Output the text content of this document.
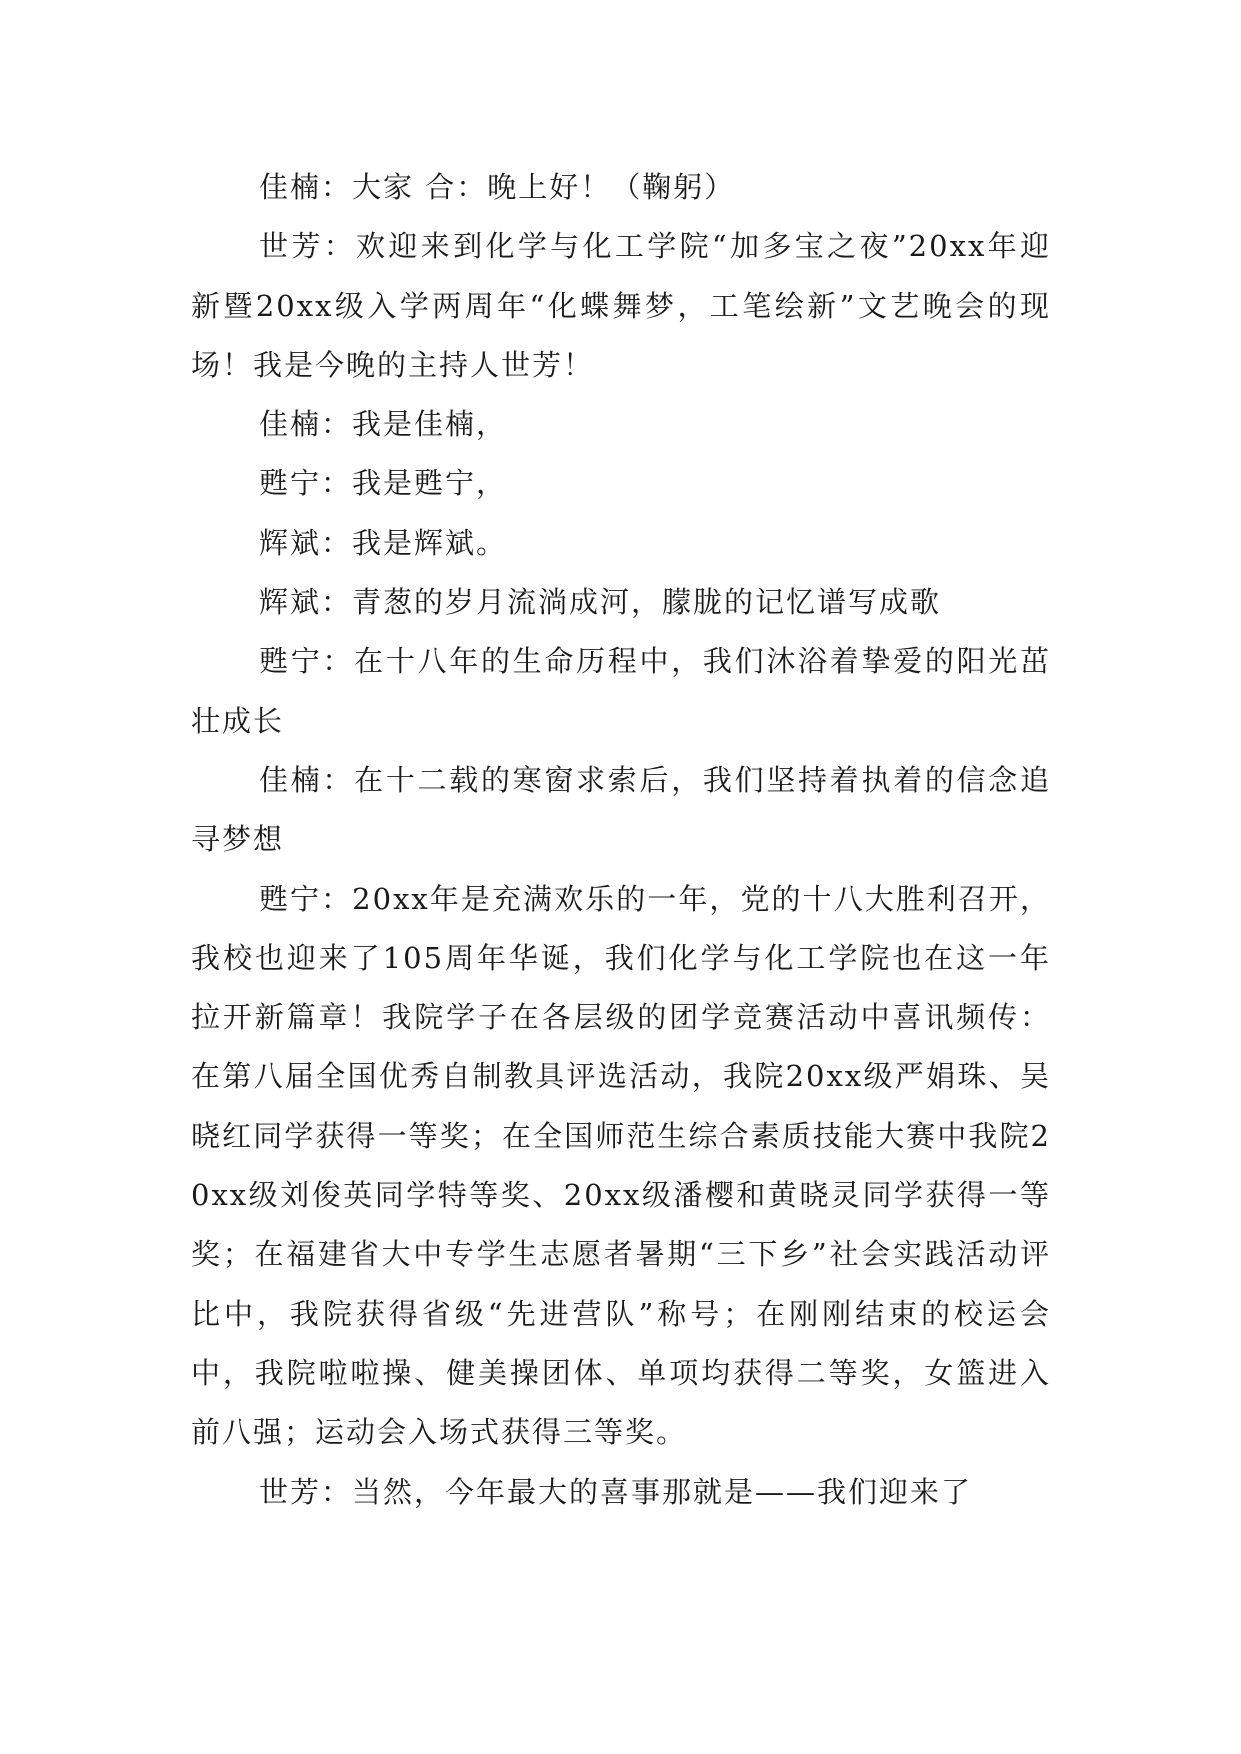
佳楠：大家 合：晚上好！（鞠躬）

世芳：欢迎来到化学与化工学院“加多宝之夜”20xx年迎新暨20xx级入学两周年“化蝶舞梦，工笔绘新”文艺晚会的现场！我是今晚的主持人世芳！

佳楠：我是佳楠，

甦宁：我是甦宁，

辉斌：我是辉斌。

辉斌：青葱的岁月流淌成河，朦胧的记忆谱写成歌

甦宁：在十八年的生命历程中，我们沐浴着挚爱的阳光茁壮成长

佳楠：在十二载的寒窗求索后，我们坚持着执着的信念追寻梦想

甦宁：20xx年是充满欢乐的一年，党的十八大胜利召开，我校也迎来了105周年华诞，我们化学与化工学院也在这一年拉开新篇章！我院学子在各层级的团学竞赛活动中喜讯频传：在第八届全国优秀自制教具评选活动，我院20xx级严娟珠、吴晓红同学获得一等奖；在全国师范生综合素质技能大赛中我院20xx级刘俊英同学特等奖、20xx级潘樱和黄晓灵同学获得一等奖；在福建省大中专学生志愿者暑期“三下乡”社会实践活动评比中，我院获得省级“先进营队”称号；在刚刚结束的校运会中，我院啦啦操、健美操团体、单项均获得二等奖，女篮进入前八强；运动会入场式获得三等奖。

世芳：当然，今年最大的喜事那就是——我们迎来了
